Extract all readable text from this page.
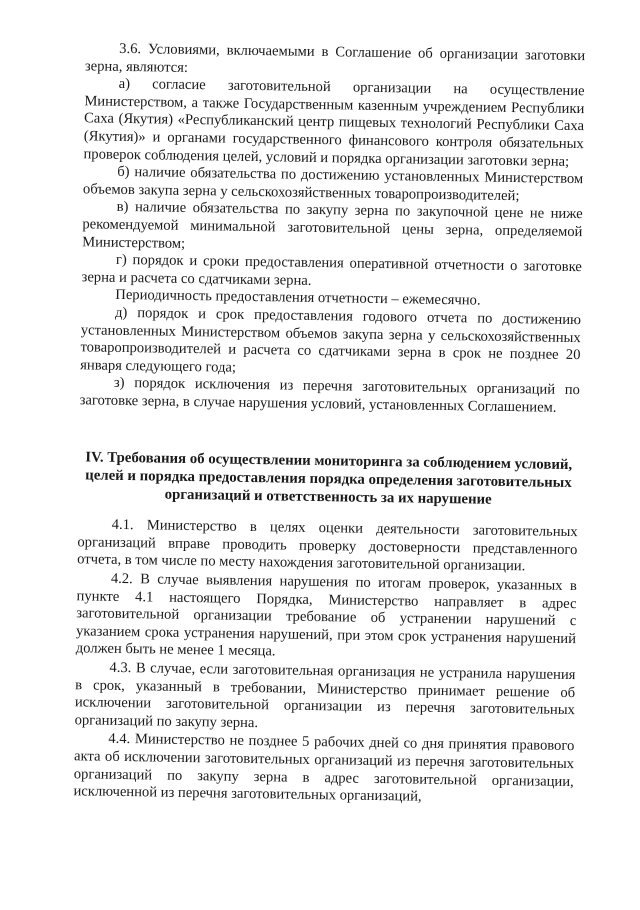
3.6. Условиями, включаемыми в Соглашение об организации заготовки зерна, являются:

а) согласие заготовительной организации на осуществление Министерством, а также Государственным казенным учреждением Республики Саха (Якутия) «Республиканский центр пищевых технологий Республики Саха (Якутия)» и органами государственного финансового контроля обязательных проверок соблюдения целей, условий и порядка организации заготовки зерна;

б) наличие обязательства по достижению установленных Министерством объемов закупа зерна у сельскохозяйственных товаропроизводителей;

в) наличие обязательства по закупу зерна по закупочной цене не ниже рекомендуемой минимальной заготовительной цены зерна, определяемой Министерством;

г) порядок и сроки предоставления оперативной отчетности о заготовке зерна и расчета со сдатчиками зерна.

Периодичность предоставления отчетности – ежемесячно.

д) порядок и срок предоставления годового отчета по достижению установленных Министерством объемов закупа зерна у сельскохозяйственных товаропроизводителей и расчета со сдатчиками зерна в срок не позднее 20 января следующего года;

з) порядок исключения из перечня заготовительных организаций по заготовке зерна, в случае нарушения условий, установленных Соглашением.

IV. Требования об осуществлении мониторинга за соблюдением условий, целей и порядка предоставления порядка определения заготовительных организаций и ответственность за их нарушение

4.1. Министерство в целях оценки деятельности заготовительных организаций вправе проводить проверку достоверности представленного отчета, в том числе по месту нахождения заготовительной организации.

4.2. В случае выявления нарушения по итогам проверок, указанных в пункте 4.1 настоящего Порядка, Министерство направляет в адрес заготовительной организации требование об устранении нарушений с указанием срока устранения нарушений, при этом срок устранения нарушений должен быть не менее 1 месяца.

4.3. В случае, если заготовительная организация не устранила нарушения в срок, указанный в требовании, Министерство принимает решение об исключении заготовительной организации из перечня заготовительных организаций по закупу зерна.

4.4. Министерство не позднее 5 рабочих дней со дня принятия правового акта об исключении заготовительных организаций из перечня заготовительных организаций по закупу зерна в адрес заготовительной организации, исключенной из перечня заготовительных организаций,
